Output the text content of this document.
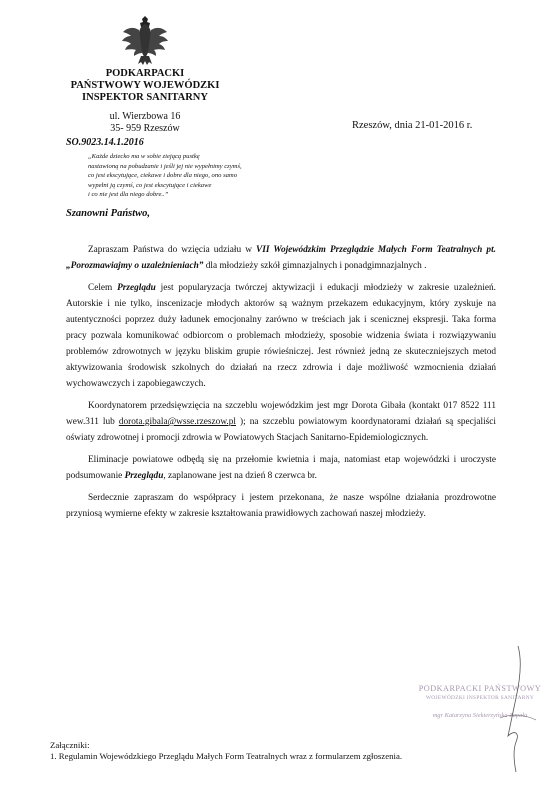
PODKARPACKI
PAŃSTWOWY WOJEWÓDZKI
INSPEKTOR SANITARNY
ul. Wierzbowa 16
35- 959 Rzeszów
SO.9023.14.1.2016
„Każde dziecko ma w sobie ziejącą pustkę
nastawioną na pobudzanie i jeśli jej nie wypełnimy czymś,
co jest ekscytujące, ciekawe i dobre dla niego, ono samo
wypełni ją czymś, co jest ekscytujące i ciekawe
i co nie jest dla niego dobre..”
Rzeszów, dnia 21-01-2016 r.
Szanowni Państwo,

Zapraszam Państwa do wzięcia udziału w VII Wojewódzkim Przeglądzie Małych Form Teatralnych pt. „Porozmawiajmy o uzależnieniach” dla młodzieży szkół gimnazjalnych i ponadgimnazjalnych .

Celem Przeglądu jest popularyzacja twórczej aktywizacji i edukacji młodzieży w zakresie uzależnień. Autorskie i nie tylko, inscenizacje młodych aktorów są ważnym przekazem edukacyjnym, który zyskuje na autentyczności poprzez duży ładunek emocjonalny zarówno w treściach jak i scenicznej ekspresji. Taka forma pracy pozwala komunikować odbiorcom o problemach młodzieży, sposobie widzenia świata i rozwiązywaniu problemów zdrowotnych w języku bliskim grupie rówieśniczej. Jest również jedną ze skuteczniejszych metod aktywizowania środowisk szkolnych do działań na rzecz zdrowia i daje możliwość wzmocnienia działań wychowawczych i zapobiegawczych.

Koordynatorem przedsięwzięcia na szczeblu wojewódzkim jest mgr Dorota Gibała (kontakt 017 8522 111 wew.311 lub dorota.gibala@wsse.rzeszow.pl ); na szczeblu powiatowym koordynatorami działań są specjaliści oświaty zdrowotnej i promocji zdrowia w Powiatowych Stacjach Sanitarno-Epidemiologicznych.

Eliminacje powiatowe odbędą się na przełomie kwietnia i maja, natomiast etap wojewódzki i uroczyste podsumowanie Przeglądu, zaplanowane jest na dzień 8 czerwca br.

Serdecznie zapraszam do współpracy i jestem przekonana, że nasze wspólne działania prozdrowotne przyniosą wymierne efekty w zakresie kształtowania prawidłowych zachowań naszej młodzieży.

PODKARPACKI PAŃSTWOWY
WOJEWÓDZKI INSPEKTOR SANITARNY
mgr Katarzyna Siekierzyńska Zapała
Załączniki:
1. Regulamin Wojewódzkiego Przeglądu Małych Form Teatralnych wraz z formularzem zgłoszenia.
